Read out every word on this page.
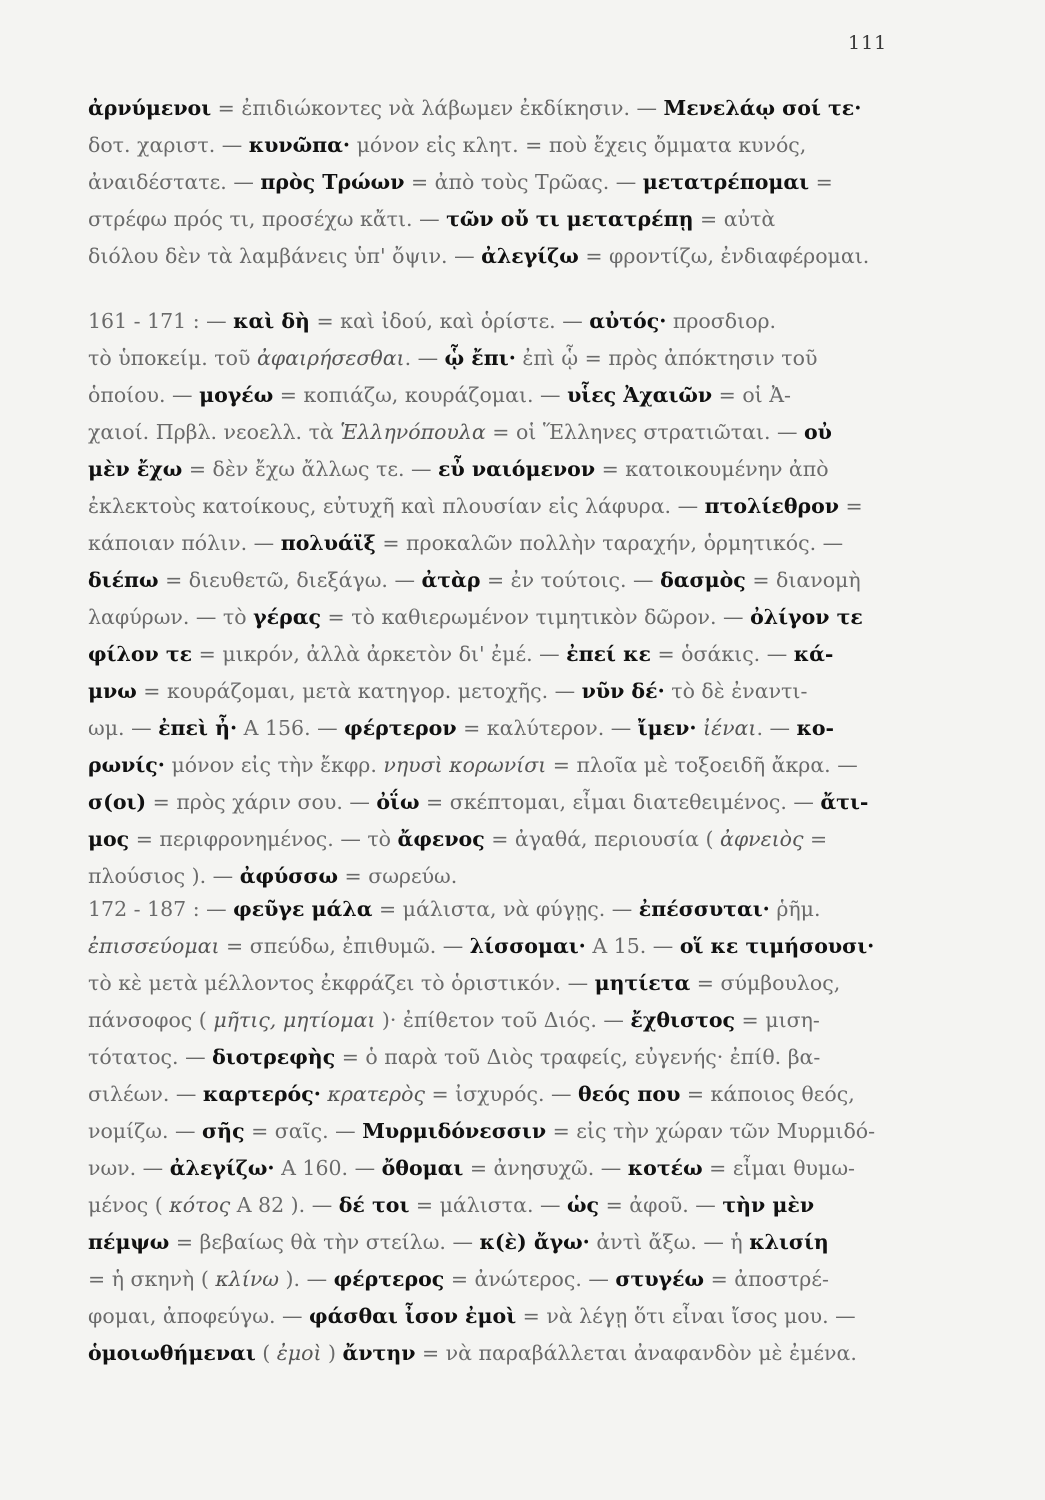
111
ἀρνύμενοι = ἐπιδιώκοντες νὰ λάβωμεν ἐκδίκησιν. — Μενελάῳ σοί τε·
δοτ. χαριστ. — κυνῶπα· μόνον εἰς κλητ. = ποὺ ἔχεις ὄμματα κυνός,
ἀναιδέστατε. — πρὸς Τρώων = ἀπὸ τοὺς Τρῶας. — μετατρέπομαι =
στρέφω πρός τι, προσέχω κἄτι. — τῶν οὔ τι μετατρέπῃ = αὐτὰ
διόλου δὲν τὰ λαμβάνεις ὑπ' ὄψιν. — ἀλεγίζω = φροντίζω, ἐνδιαφέρομαι.
161 - 171 : — καὶ δὴ = καὶ ἰδού, καὶ ὁρίστε. — αὐτός· προσδιορ.
τὸ ὑποκείμ. τοῦ ἀφαιρήσεσθαι. — ᾧ ἔπι· ἐπὶ ᾧ = πρὸς ἀπόκτησιν τοῦ
ὁποίου. — μογέω = κοπιάζω, κουράζομαι. — υἷες Ἀχαιῶν = οἱ Ἀ-
χαιοί. Πρβλ. νεοελλ. τὰ Ἑλληνόπουλα = οἱ Ἕλληνες στρατιῶται. — οὐ
μὲν ἔχω = δὲν ἔχω ἄλλως τε. — εὖ ναιόμενον = κατοικουμένην ἀπὸ
ἐκλεκτοὺς κατοίκους, εὐτυχῆ καὶ πλουσίαν εἰς λάφυρα. — πτολίεθρον =
κάποιαν πόλιν. — πολυάϊξ = προκαλῶν πολλὴν ταραχήν, ὁρμητικός. —
διέπω = διευθετῶ, διεξάγω. — ἀτὰρ = ἐν τούτοις. — δασμὸς = διανομὴ
λαφύρων. — τὸ γέρας = τὸ καθιερωμένον τιμητικὸν δῶρον. — ὀλίγον τε
φίλον τε = μικρόν, ἀλλὰ ἀρκετὸν δι' ἐμέ. — ἐπεί κε = ὁσάκις. — κά-
μνω = κουράζομαι, μετὰ κατηγορ. μετοχῆς. — νῦν δέ· τὸ δὲ ἐναντι-
ωμ. — ἐπεὶ ἦ· Α 156. — φέρτερον = καλύτερον. — ἴμεν· ἰέναι. — κο-
ρωνίς· μόνον εἰς τὴν ἔκφρ. νηυσὶ κορωνίσι = πλοῖα μὲ τοξοειδῆ ἄκρα. —
σ(οι) = πρὸς χάριν σου. — ὀΐω = σκέπτομαι, εἶμαι διατεθειμένος. — ἄτι-
μος = περιφρονημένος. — τὸ ἄφενος = ἀγαθά, περιουσία ( ἀφνειὸς =
πλούσιος ). — ἀφύσσω = σωρεύω.
172 - 187 : — φεῦγε μάλα = μάλιστα, νὰ φύγῃς. — ἐπέσσυται· ῥῆμ.
ἐπισσεύομαι = σπεύδω, ἐπιθυμῶ. — λίσσομαι· Α 15. — οἵ κε τιμήσουσι·
τὸ κὲ μετὰ μέλλοντος ἐκφράζει τὸ ὁριστικόν. — μητίετα = σύμβουλος,
πάνσοφος ( μῆτις, μητίομαι )· ἐπίθετον τοῦ Διός. — ἔχθιστος = μιση-
τότατος. — διοτρεφὴς = ὁ παρὰ τοῦ Διὸς τραφείς, εὐγενής· ἐπίθ. βα-
σιλέων. — καρτερός· κρατερὸς = ἰσχυρός. — θεός που = κάποιος θεός,
νομίζω. — σῆς = σαῖς. — Μυρμιδόνεσσιν = εἰς τὴν χώραν τῶν Μυρμιδό-
νων. — ἀλεγίζω· Α 160. — ὄθομαι = ἀνησυχῶ. — κοτέω = εἶμαι θυμω-
μένος ( κότος Α 82 ). — δέ τοι = μάλιστα. — ὡς = ἀφοῦ. — τὴν μὲν
πέμψω = βεβαίως θὰ τὴν στείλω. — κ(ὲ) ἄγω· ἀντὶ ἄξω. — ἡ κλισίη
= ἡ σκηνὴ ( κλίνω ). — φέρτερος = ἀνώτερος. — στυγέω = ἀποστρέ-
φομαι, ἀποφεύγω. — φάσθαι ἶσον ἐμοὶ = νὰ λέγῃ ὅτι εἶναι ἴσος μου. —
ὁμοιωθήμεναι ( ἐμοὶ ) ἄντην = νὰ παραβάλλεται ἀναφανδὸν μὲ ἐμένα.
